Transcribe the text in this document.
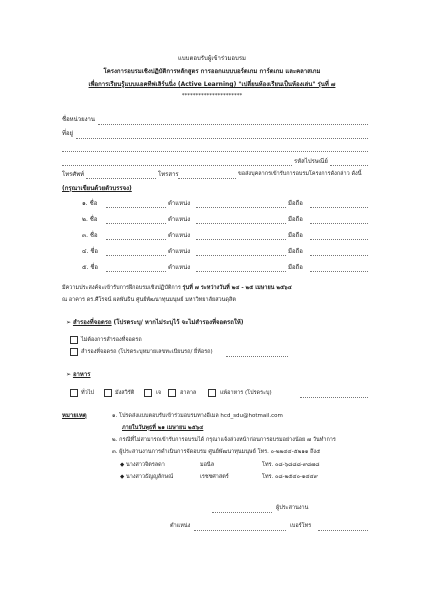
แบบตอบรับผู้เข้าร่วมอบรม
โครงการอบรมเชิงปฏิบัติการหลักสูตร การออกแบบบอร์ดเกม การ์ดเกม และคลาสเกม
เพื่อการเรียนรู้แบบแอคทีฟเลิร์นนิ่ง (Active Learning) "เปลี่ยนห้องเรียนเป็นห้องเล่น" รุ่นที่ ๗
**********************
ชื่อหน่วยงาน
ที่อยู่
รหัสไปรษณีย์
โทรศัพท์	โทรสาร	ขอส่งบุคลากรเข้ารับการอบรมโครงการดังกล่าว ดังนี้
(กรุณาเขียนด้วยตัวบรรจง)
๑. ชื่อ	ตำแหน่ง	มือถือ
๒. ชื่อ	ตำแหน่ง	มือถือ
๓. ชื่อ	ตำแหน่ง	มือถือ
๔. ชื่อ	ตำแหน่ง	มือถือ
๕. ชื่อ	ตำแหน่ง	มือถือ
มีความประสงค์จะเข้ารับการฝึกอบรมเชิงปฏิบัติการ รุ่นที่ ๗ ระหว่างวันที่ ๒๔ - ๒๕ เมษายน ๒๕๖๔
ณ อาคาร ดร.ศีโรจน์ ผลพันธิน ศูนย์พัฒนาทุนมนุษย์ มหาวิทยาลัยสวนดุสิต
➢ สำรองที่จอดรถ (โปรดระบุ/ หากไม่ระบุไว้ จะไม่สำรองที่จอดรถให้)
ไม่ต้องการสำรองที่จอดรถ
สำรองที่จอดรถ (โปรดระบุหมายเลขทะเบียนรถ/ ยี่ห้อรถ)
➢ อาหาร
ทั่วไป	มังสวิรัติ	เจ	ฮาลาล	แพ้อาหาร (โปรดระบุ)
หมายเหตุ	๑. โปรดส่งแบบตอบรับเข้าร่วมอบรมทางอีเมล hcd_sdu@hotmail.com
ภายในวันพุธที่ ๒๑ เมษายน ๒๕๖๔
๒. กรณีที่ไม่สามารถเข้ารับการอบรมได้ กรุณาแจ้งล่วงหน้าก่อนการอบรมอย่างน้อย ๗ วันทำการ
๓. ผู้ประสานงานการดำเนินการจัดอบรม ศูนย์พัฒนาทุนมนุษย์ โทร. ๐-๒๒๔๔-๕๒๑๑ ถึง๕
◆ นางสาวจิตรลดา	มอนีล	โทร. ๐๘-๖๘๘๘-๙๘๗๘
◆ นางสาวธัญญลักษณ์	เรชชศาสตร์	โทร. ๐๘-๒๕๔๐-๑๔๔๙
ผู้ประสานงาน
ตำแหน่ง	เบอร์โทร
